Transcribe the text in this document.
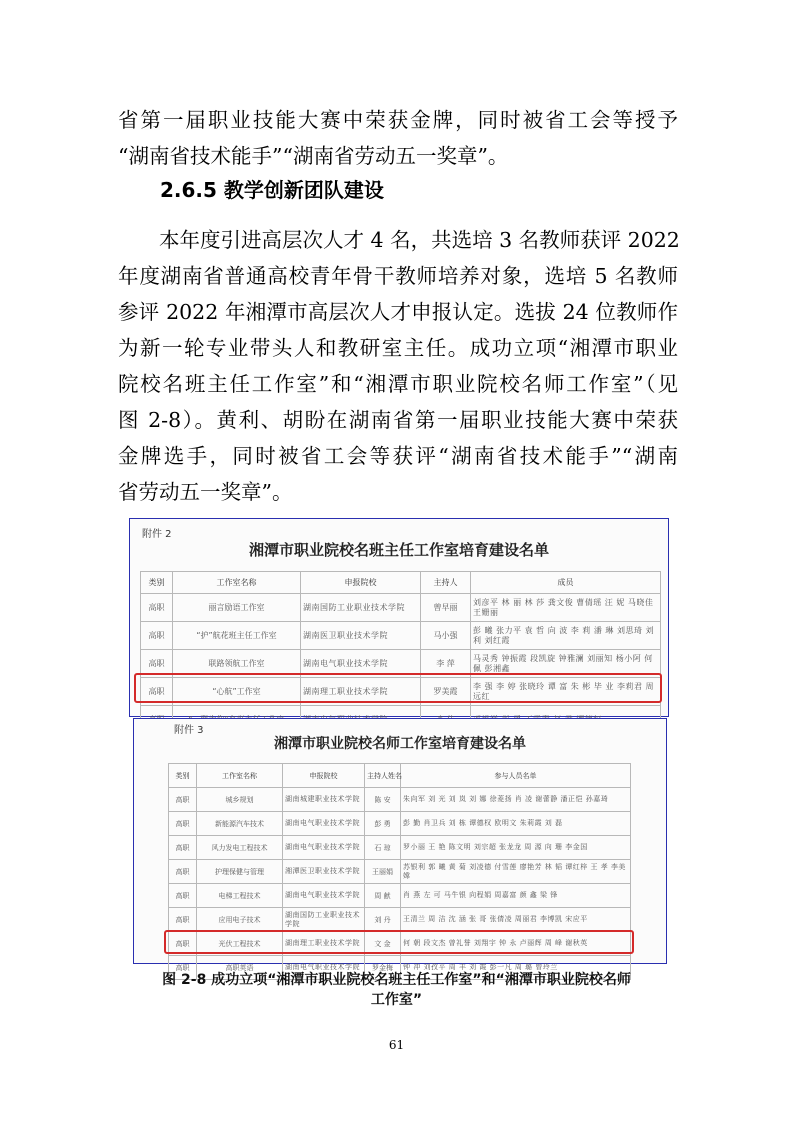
省第一届职业技能大赛中荣获金牌，同时被省工会等授予
“湖南省技术能手”“湖南省劳动五一奖章”。
2.6.5 教学创新团队建设
本年度引进高层次人才 4 名，共选培 3 名教师获评 2022
年度湖南省普通高校青年骨干教师培养对象，选培 5 名教师
参评 2022 年湘潭市高层次人才申报认定。选拔 24 位教师作
为新一轮专业带头人和教研室主任。成功立项“湘潭市职业
院校名班主任工作室”和“湘潭市职业院校名师工作室”（见
图 2-8）。黄利、胡盼在湖南省第一届职业技能大赛中荣获
金牌选手，同时被省工会等获评“湖南省技术能手”“湖南
省劳动五一奖章”。
附件 2
湘潭市职业院校名班主任工作室培育建设名单
类别	工作室名称	申报院校	主持人	成员
高职	丽言励语工作室	湖南国防工业职业技术学院	曾早丽	刘彦平 林 丽 林 莎 龚文俊 曹倩瑶 汪 妮 马晓佳 王姗丽
高职	“护”航花班主任工作室	湖南医卫职业技术学院	马小强	彭 曦 张力平 袁 哲 向 波 李 莉 潘 琳 刘思琦 刘 利 刘红霞
高职	联路领航工作室	湖南电气职业技术学院	李 萍	马灵秀 钟振霞 段凯旋 钟雅澜 刘丽知 杨小阿 何 佩 彭湘鑫
高职	“心航”工作室	湖南理工职业技术学院	罗美霞	李 强 李 婷 张晓玲 谭 富 朱 彬 毕 业 李莉君 周远红

附件 3
湘潭市职业院校名师工作室培育建设名单
类别	工作室名称	申报院校	主持人姓名	参与人员名单
高职	城乡规划	湖南城建职业技术学院	陈 安	朱向军 刘 光 刘 岚 刘 娜 徐菱扬 肖 凌 谢蕾静 潘正恺 孙嘉琦
高职	新能源汽车技术	湖南电气职业技术学院	彭 勇	彭 勤 肖卫兵 刘 栋 谭德权 欧明文 朱莉霞 刘 磊
高职	风力发电工程技术	湖南电气职业技术学院	石 琼	罗小丽 王 艳 陈文明 刘宗超 张龙龙 周 源 向 珊 李金国
高职	护理保健与管理	湘潭医卫职业技术学院	王丽娟	苏银利 郭 曦 黄 菊 刘凌德 付雪莲 廖艳芳 林 韬 谭红梓 王 孝 李美嫦
高职	电梯工程技术	湖南电气职业技术学院	周 献	肖 燕 左 可 马牛银 向程娟 周嘉富 颜 鑫 梁 锋
高职	应用电子技术	湖南国防工业职业技术学院	刘 丹	王清兰 周 洁 沈 涵 张 哥 张倩凌 周丽君 李博凯 宋应平
高职	光伏工程技术	湖南理工职业技术学院	文 金	何 朝 段文杰 曾礼誉 刘翔宇 钟 永 卢丽辉 周 峰 谢秋英
高职	高职英语	湖南电气职业技术学院	罗金梅	钟 冲 刘孜平 周 丰 刘 霞 彭一凡 周 璐 曾玲兰
图 2-8 成功立项“湘潭市职业院校名班主任工作室”和“湘潭市职业院校名师
工作室”
61
